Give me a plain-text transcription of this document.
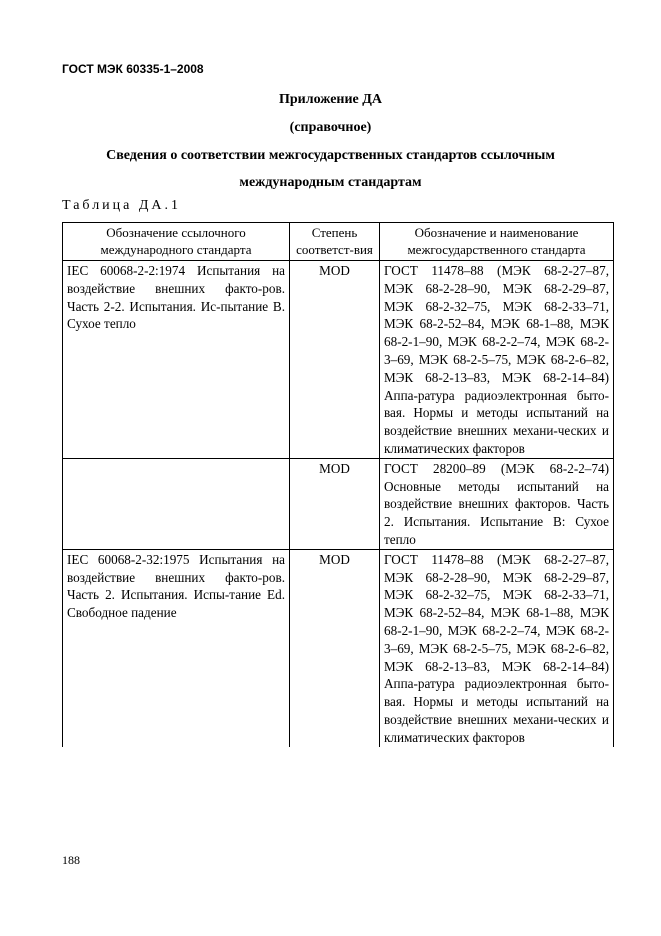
ГОСТ МЭК 60335-1–2008
Приложение ДА
(справочное)
Сведения о соответствии межгосударственных стандартов ссылочным
международным стандартам
Таблица ДА.1
Обозначение ссылочного международного стандарта	Степень соответст-вия	Обозначение и наименование межгосударственного стандарта
IEC 60068-2-2:1974 Испытания на воздействие внешних факто-ров. Часть 2-2. Испытания. Ис-пытание B. Сухое тепло	MOD	ГОСТ 11478–88 (МЭК 68-2-27–87, МЭК 68-2-28–90, МЭК 68-2-29–87, МЭК 68-2-32–75, МЭК 68-2-33–71, МЭК 68-2-52–84, МЭК 68-1–88, МЭК 68-2-1–90, МЭК 68-2-2–74, МЭК 68-2-3–69, МЭК 68-2-5–75, МЭК 68-2-6–82, МЭК 68-2-13–83, МЭК 68-2-14–84) Аппа-ратура радиоэлектронная быто-вая. Нормы и методы испытаний на воздействие внешних механи-ческих и климатических факторов
	MOD	ГОСТ 28200–89 (МЭК 68-2-2–74) Основные методы испытаний на воздействие внешних факторов. Часть 2. Испытания. Испытание B: Сухое тепло
IEC 60068-2-32:1975 Испытания на воздействие внешних факто-ров. Часть 2. Испытания. Испы-тание Ed. Свободное падение	MOD	ГОСТ 11478–88 (МЭК 68-2-27–87, МЭК 68-2-28–90, МЭК 68-2-29–87, МЭК 68-2-32–75, МЭК 68-2-33–71, МЭК 68-2-52–84, МЭК 68-1–88, МЭК 68-2-1–90, МЭК 68-2-2–74, МЭК 68-2-3–69, МЭК 68-2-5–75, МЭК 68-2-6–82, МЭК 68-2-13–83, МЭК 68-2-14–84) Аппа-ратура радиоэлектронная быто-вая. Нормы и методы испытаний на воздействие внешних механи-ческих и климатических факторов
188
